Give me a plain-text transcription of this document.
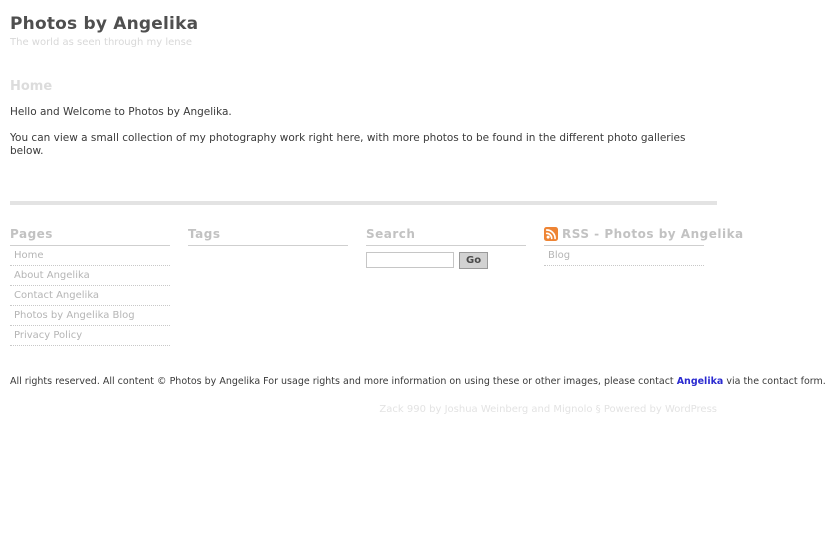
Photos by Angelika
The world as seen through my lense
Home

Hello and Welcome to Photos by Angelika.

You can view a small collection of my photography work right here, with more photos to be found in the different photo galleries below.

Pages
Home
About Angelika
Contact Angelika
Photos by Angelika Blog
Privacy Policy
Tags	Search
Go
RSS - Photos by Angelika
Blog

All rights reserved. All content © Photos by Angelika For usage rights and more information on using these or other images, please contact Angelika via the contact form.

Zack 990 by Joshua Weinberg and Mignolo § Powered by WordPress
